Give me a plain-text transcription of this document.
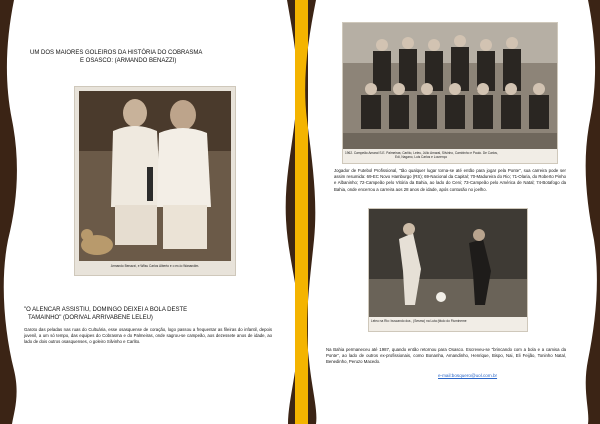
UM DOS MAIORES GOLEIROS DA HISTÓRIA DO COBRASMA
E OSASCO: (ARMANDO BENAZZI)
Armando Benazzi, e Wilsu Carlos Alberto e o ex-to Wanandim.
"O ALENCAR ASSISTIU, DOMINGO DEIXEI A BOLA DESTE
TAMAINHO" (DORIVAL ARRIVABENE LELEU)
Garoto das peladas nas ruas do Cultuária, esse osasquense de coração, logo passou a frequentar as fileiras do infantil, depois juvenil, a um só tempo, das equipes do Cobrasma e do Palmeiras, onde sagrou-se campeão, aos dezessete anos de idade, ao lado de dois outros osasquenses, o goleiro Silvinho e Carlito.
1962. Campeão Amaral S.E. Palmeiras; Carlito, Leleu, Júlio Amaral, Silvinho, Cambinho e Paulo. De Carlos,
Edi, Nagano, Luis Carlos e Lourenço
Jogador de Futebol Profissional, "tão qualquer lugar torna-se até então para jogar pela Ponte", sua carreira pode ser assim resumida: 69-EC Novo Hamburgo (RS); 69-Nacional da Capital; 70-Madureira do Rio; 71-Olaria, do Roberto Pinho e Albaninho; 72-Campeão pelo Vitória da Bahia, ao lado do Ceni; 73-Campeão pelo América de Natal; 74-Botafogo da Bahia, onde encerrou a carreira aos 28 anos de idade, após contusão no joelho.
Leleu na Rio: buscando dus , (Sesmo) na Luta (titulo do Flumineme
Na Bahia permaneceu até 1987, quando então retornou para Osasco. Escreveu-se "brincando com a bola e a camisa da Ponte", ao lado de outros ex-profissionais, como Bonanha, Amandinho, Henrique, Bispo, Nai, Eli Feijão, Toninho Natal, Benedinho, Peruzo Macedo.
e-mail:bosquero@uol.com.br
